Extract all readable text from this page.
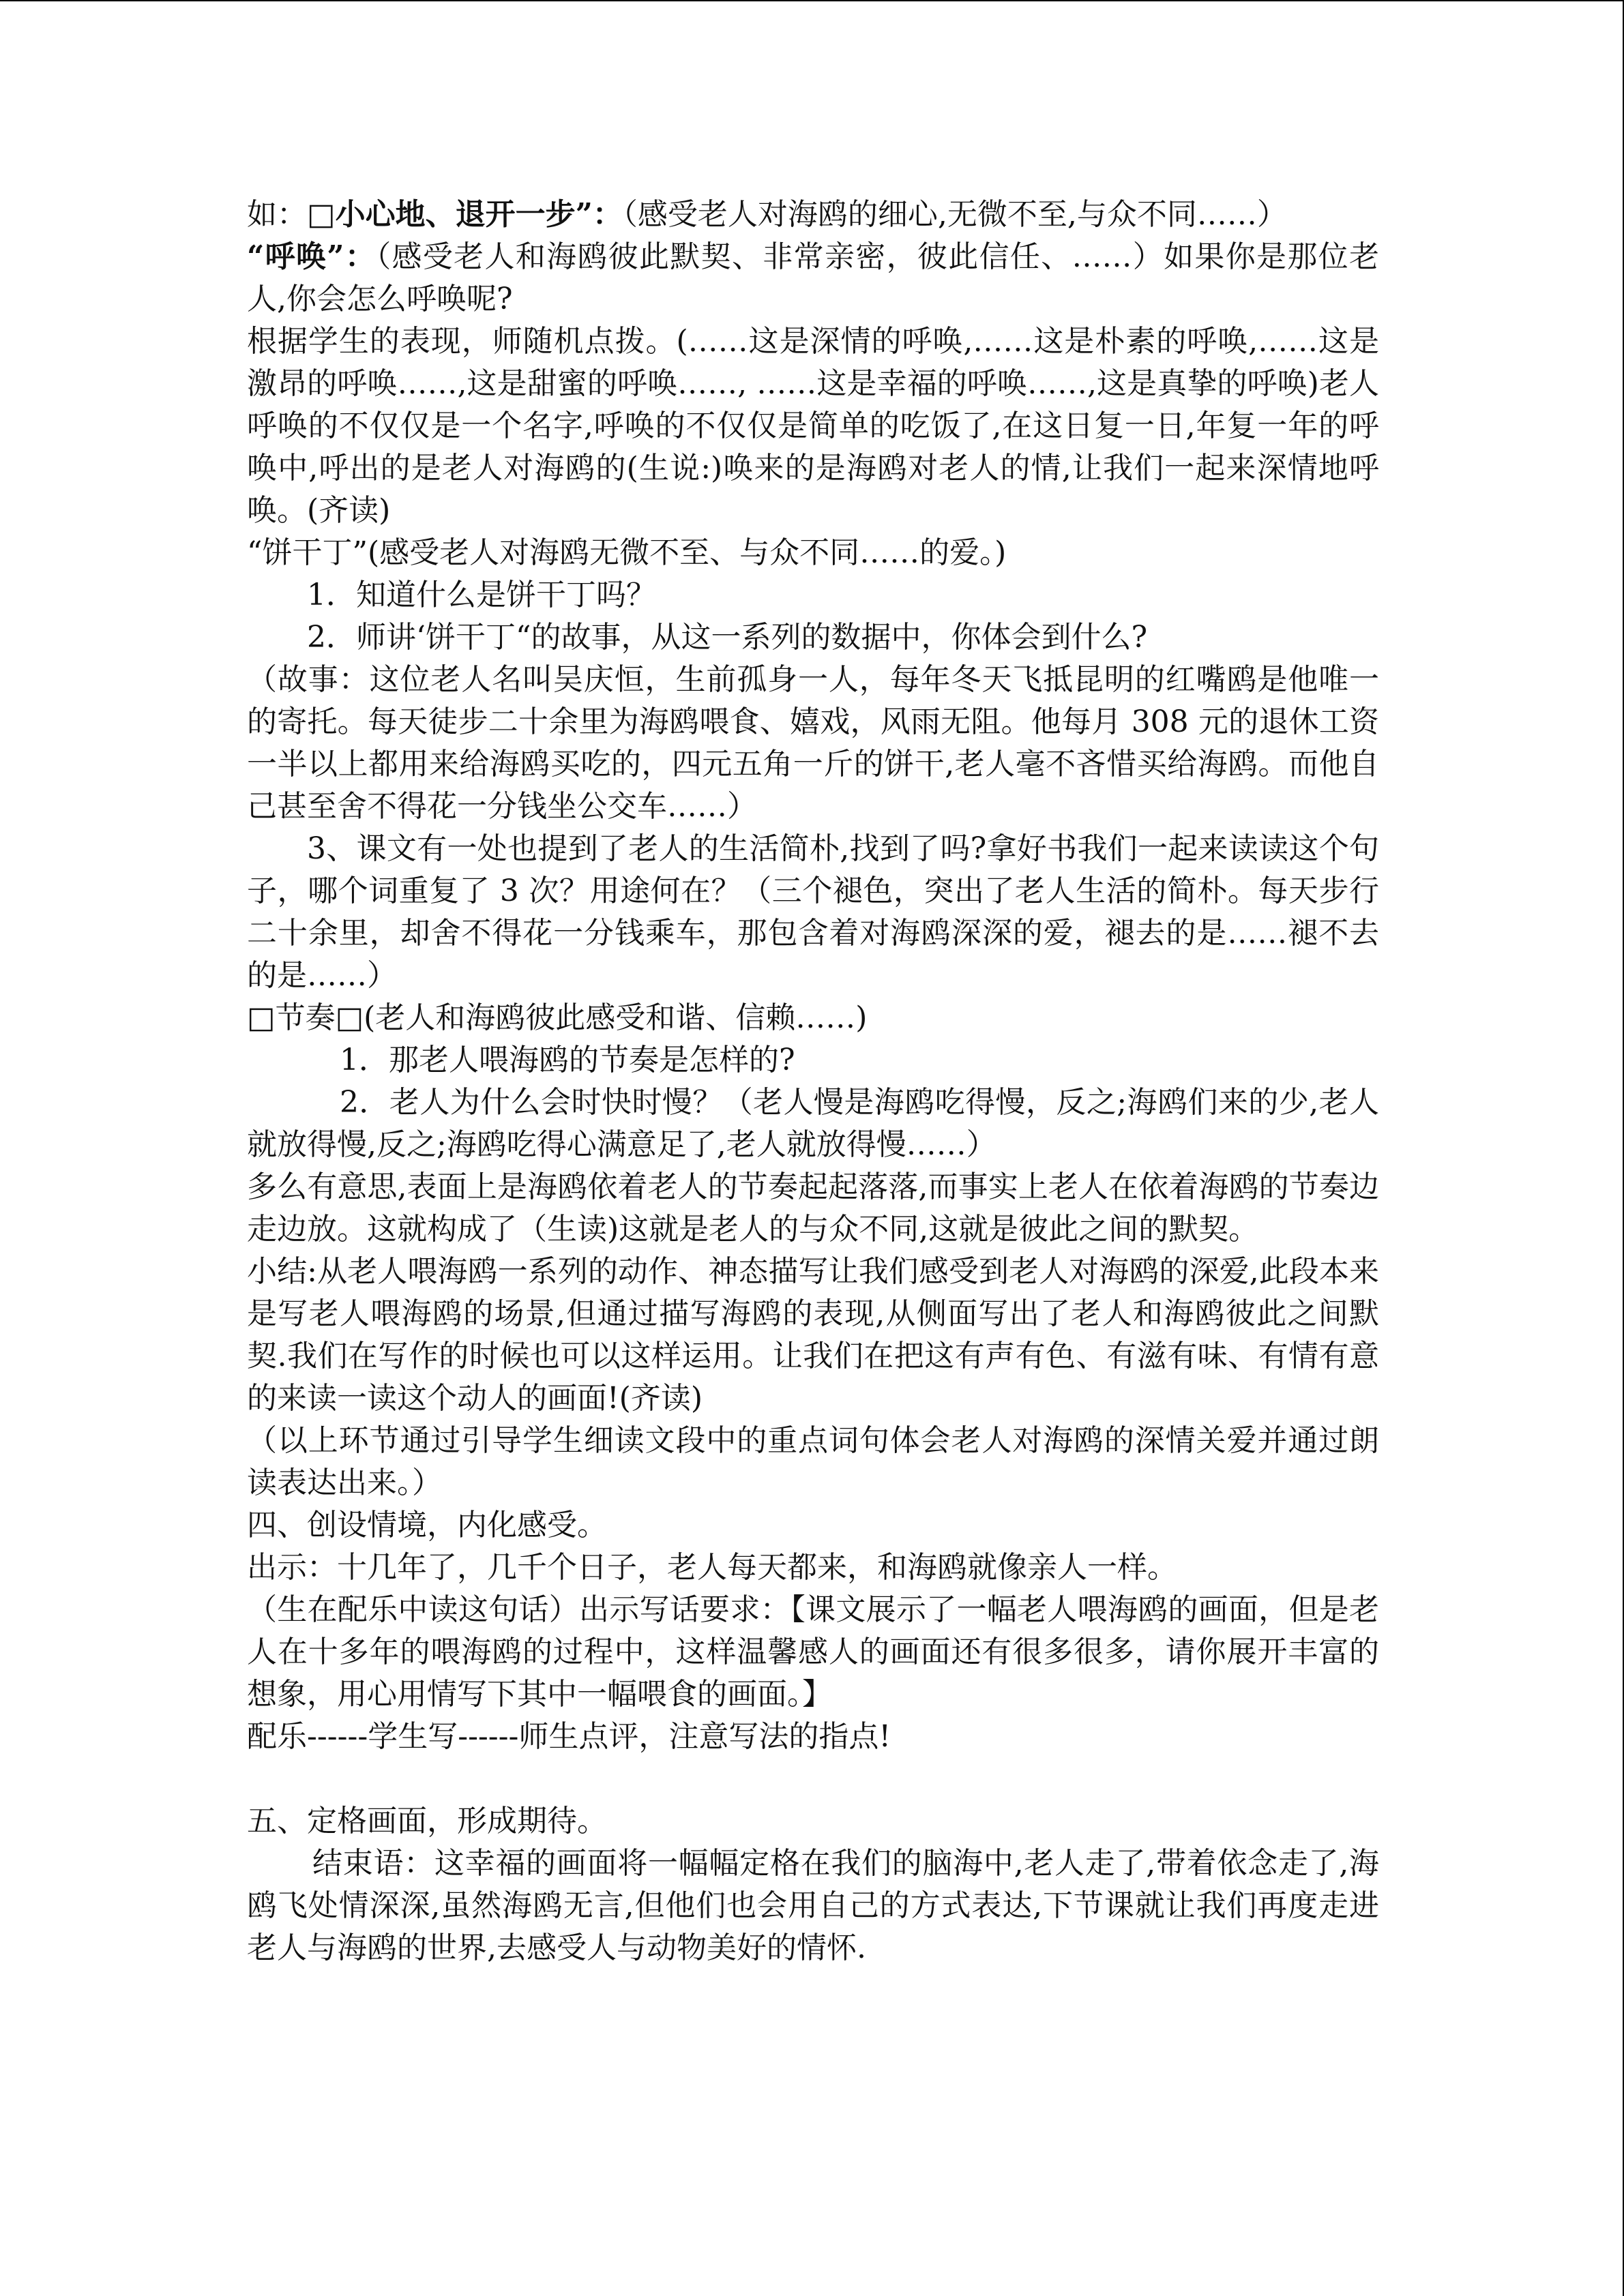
如：□小心地、退开一步”：（感受老人对海鸥的细心,无微不至,与众不同……）

“呼唤”：（感受老人和海鸥彼此默契、非常亲密，彼此信任、……）如果你是那位老人,你会怎么呼唤呢?

根据学生的表现，师随机点拨。(……这是深情的呼唤,……这是朴素的呼唤,……这是激昂的呼唤……,这是甜蜜的呼唤……, ……这是幸福的呼唤……,这是真挚的呼唤)老人呼唤的不仅仅是一个名字,呼唤的不仅仅是简单的吃饭了,在这日复一日,年复一年的呼唤中,呼出的是老人对海鸥的(生说:)唤来的是海鸥对老人的情,让我们一起来深情地呼唤。(齐读)

“饼干丁”(感受老人对海鸥无微不至、与众不同……的爱。)

1．知道什么是饼干丁吗？

2．师讲‘饼干丁“的故事，从这一系列的数据中，你体会到什么?

（故事：这位老人名叫吴庆恒，生前孤身一人，每年冬天飞抵昆明的红嘴鸥是他唯一的寄托。每天徒步二十余里为海鸥喂食、嬉戏，风雨无阻。他每月 308 元的退休工资一半以上都用来给海鸥买吃的，四元五角一斤的饼干,老人毫不吝惜买给海鸥。而他自己甚至舍不得花一分钱坐公交车……）

3、课文有一处也提到了老人的生活简朴,找到了吗?拿好书我们一起来读读这个句子，哪个词重复了 3 次？用途何在？（三个褪色，突出了老人生活的简朴。每天步行二十余里，却舍不得花一分钱乘车，那包含着对海鸥深深的爱，褪去的是……褪不去的是……）

□节奏□(老人和海鸥彼此感受和谐、信赖……)

1．那老人喂海鸥的节奏是怎样的?

2．老人为什么会时快时慢？（老人慢是海鸥吃得慢，反之;海鸥们来的少,老人就放得慢,反之;海鸥吃得心满意足了,老人就放得慢……）

多么有意思,表面上是海鸥依着老人的节奏起起落落,而事实上老人在依着海鸥的节奏边走边放。这就构成了（生读)这就是老人的与众不同,这就是彼此之间的默契。

小结:从老人喂海鸥一系列的动作、神态描写让我们感受到老人对海鸥的深爱,此段本来是写老人喂海鸥的场景,但通过描写海鸥的表现,从侧面写出了老人和海鸥彼此之间默契.我们在写作的时候也可以这样运用。让我们在把这有声有色、有滋有味、有情有意的来读一读这个动人的画面!(齐读)

（以上环节通过引导学生细读文段中的重点词句体会老人对海鸥的深情关爱并通过朗读表达出来。）

四、创设情境，内化感受。

出示：十几年了，几千个日子，老人每天都来，和海鸥就像亲人一样。

（生在配乐中读这句话）出示写话要求：【课文展示了一幅老人喂海鸥的画面，但是老人在十多年的喂海鸥的过程中，这样温馨感人的画面还有很多很多，请你展开丰富的想象，用心用情写下其中一幅喂食的画面。】

配乐------学生写------师生点评，注意写法的指点!

五、定格画面，形成期待。

结束语：这幸福的画面将一幅幅定格在我们的脑海中,老人走了,带着依念走了,海鸥飞处情深深,虽然海鸥无言,但他们也会用自己的方式表达,下节课就让我们再度走进老人与海鸥的世界,去感受人与动物美好的情怀.
